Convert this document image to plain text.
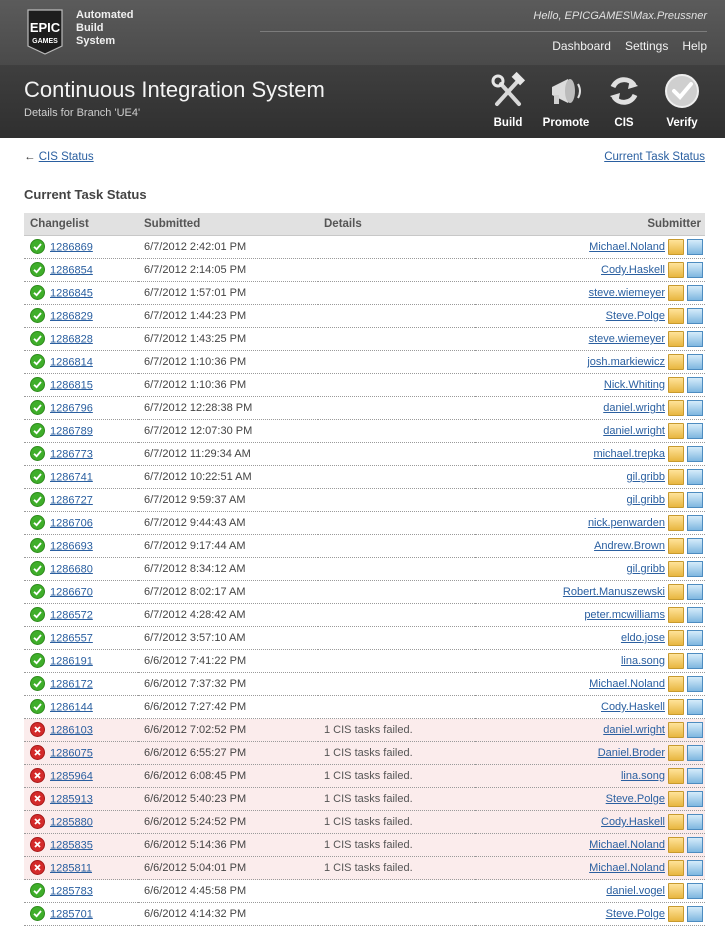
EPIC
GAMES
Automated
Build
System
Hello, EPICGAMES\Max.Preussner
Dashboard Settings Help
Continuous Integration System
Details for Branch 'UE4'
Build Promote CIS	Verify
← CIS Status	Current Task Status
Current Task Status
Changelist	Submitted	Details	Submitter

1286869	6/7/2012 2:42:01 PM		Michael.Noland

1286854	6/7/2012 2:14:05 PM		Cody.Haskell

1286845	6/7/2012 1:57:01 PM		steve.wiemeyer

1286829	6/7/2012 1:44:23 PM		Steve.Polge

1286828	6/7/2012 1:43:25 PM		steve.wiemeyer

1286814	6/7/2012 1:10:36 PM		josh.markiewicz

1286815	6/7/2012 1:10:36 PM		Nick.Whiting

1286796	6/7/2012 12:28:38 PM		daniel.wright

1286789	6/7/2012 12:07:30 PM		daniel.wright

1286773	6/7/2012 11:29:34 AM		michael.trepka

1286741	6/7/2012 10:22:51 AM		gil.gribb

1286727	6/7/2012 9:59:37 AM		gil.gribb

1286706	6/7/2012 9:44:43 AM		nick.penwarden

1286693	6/7/2012 9:17:44 AM		Andrew.Brown

1286680	6/7/2012 8:34:12 AM		gil.gribb

1286670	6/7/2012 8:02:17 AM		Robert.Manuszewski

1286572	6/7/2012 4:28:42 AM		peter.mcwilliams

1286557	6/7/2012 3:57:10 AM		eldo.jose

1286191	6/6/2012 7:41:22 PM		lina.song

1286172	6/6/2012 7:37:32 PM		Michael.Noland

1286144	6/6/2012 7:27:42 PM		Cody.Haskell

1286103	6/6/2012 7:02:52 PM	1 CIS tasks failed.	daniel.wright

1286075	6/6/2012 6:55:27 PM	1 CIS tasks failed.	Daniel.Broder

1285964	6/6/2012 6:08:45 PM	1 CIS tasks failed.	lina.song

1285913	6/6/2012 5:40:23 PM	1 CIS tasks failed.	Steve.Polge

1285880	6/6/2012 5:24:52 PM	1 CIS tasks failed.	Cody.Haskell

1285835	6/6/2012 5:14:36 PM	1 CIS tasks failed.	Michael.Noland

1285811	6/6/2012 5:04:01 PM	1 CIS tasks failed.	Michael.Noland

1285783	6/6/2012 4:45:58 PM		daniel.vogel

1285701	6/6/2012 4:14:32 PM		Steve.Polge
